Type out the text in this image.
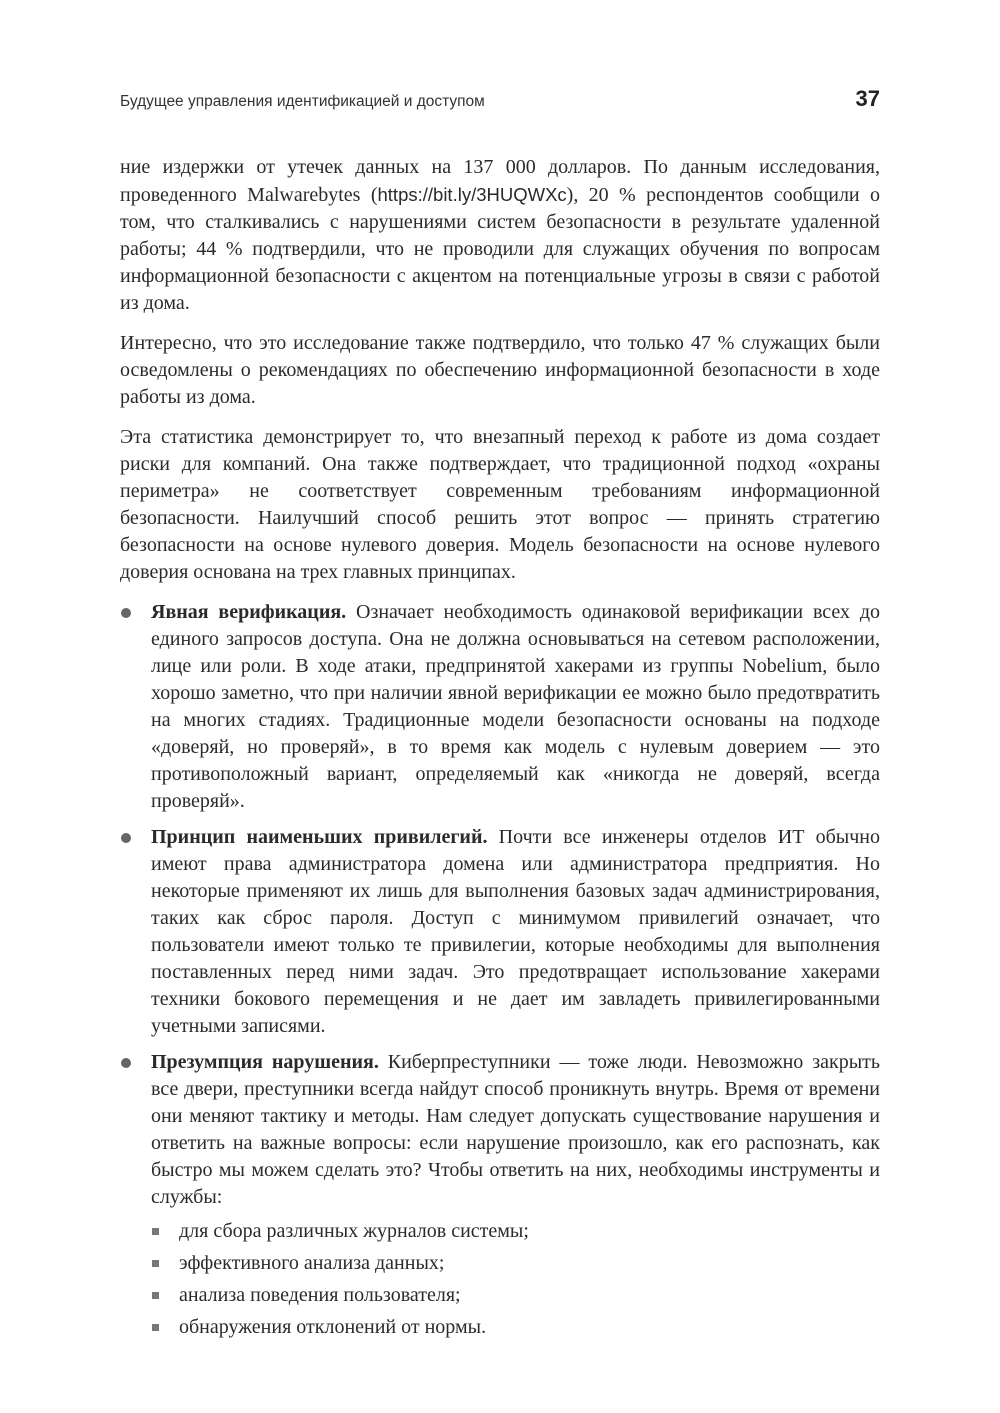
Будущее управления идентификацией и доступом	37

ние издержки от утечек данных на 137 000 долларов. По данным исследования, проведенного Malwarebytes (https://bit.ly/3HUQWXc), 20 % респондентов сообщили о том, что сталкивались с нарушениями систем безопасности в результате удаленной работы; 44 % подтвердили, что не проводили для служащих обучения по вопросам информационной безопасности с акцентом на потенциальные угрозы в связи с работой из дома.

Интересно, что это исследование также подтвердило, что только 47 % служащих были осведомлены о рекомендациях по обеспечению информационной безопасности в ходе работы из дома.

Эта статистика демонстрирует то, что внезапный переход к работе из дома создает риски для компаний. Она также подтверждает, что традиционной подход «охраны периметра» не соответствует современным требованиям информационной безопасности. Наилучший способ решить этот вопрос — принять стратегию безопасности на основе нулевого доверия. Модель безопасности на основе нулевого доверия основана на трех главных принципах.

Явная верификация. Означает необходимость одинаковой верификации всех до единого запросов доступа. Она не должна основываться на сетевом расположении, лице или роли. В ходе атаки, предпринятой хакерами из группы Nobelium, было хорошо заметно, что при наличии явной верификации ее можно было предотвратить на многих стадиях. Традиционные модели безопасности основаны на подходе «доверяй, но проверяй», в то время как модель с нулевым доверием — это противоположный вариант, определяемый как «никогда не доверяй, всегда проверяй».
Принцип наименьших привилегий. Почти все инженеры отделов ИТ обычно имеют права администратора домена или администратора предприятия. Но некоторые применяют их лишь для выполнения базовых задач администрирования, таких как сброс пароля. Доступ с минимумом привилегий означает, что пользователи имеют только те привилегии, которые необходимы для выполнения поставленных перед ними задач. Это предотвращает использование хакерами техники бокового перемещения и не дает им завладеть привилегированными учетными записями.
Презумпция нарушения. Киберпреступники — тоже люди. Невозможно закрыть все двери, преступники всегда найдут способ проникнуть внутрь. Время от времени они меняют тактику и методы. Нам следует допускать существование нарушения и ответить на важные вопросы: если нарушение произошло, как его распознать, как быстро мы можем сделать это? Чтобы ответить на них, необходимы инструменты и службы:
для сбора различных журналов системы;
эффективного анализа данных;
анализа поведения пользователя;
обнаружения отклонений от нормы.
